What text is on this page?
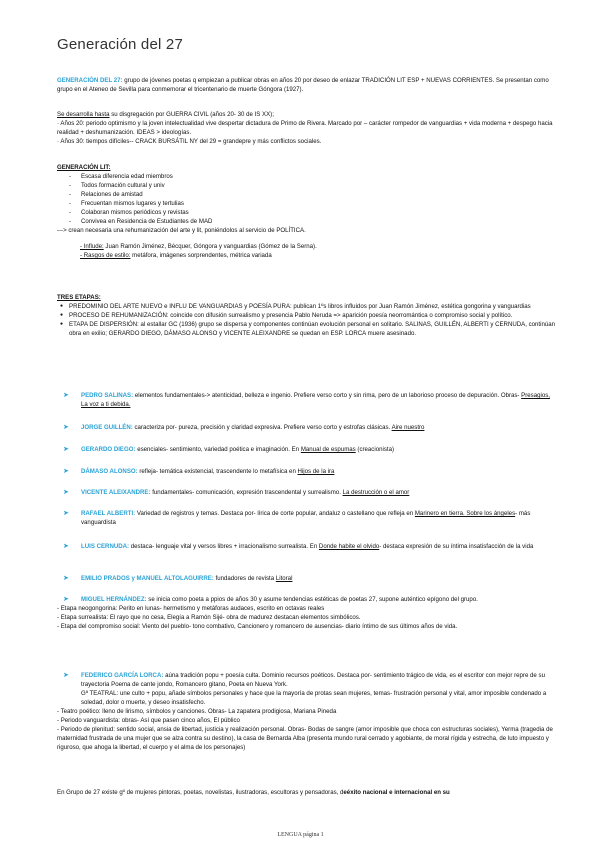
Generación del 27
GENERACIÓN DEL 27: grupo de jóvenes poetas q empiezan a publicar obras en años 20 por deseo de enlazar TRADICIÓN LIT ESP + NUEVAS CORRIENTES. Se presentan como grupo en el Ateneo de Sevilla para conmemorar el tricentenario de muerte Góngora (1927).
Se desarrolla hasta su disgregación por GUERRA CIVIL (años 20- 30 de IS XX);
· Años 20: periodo optimismo y la joven intelectualidad vive despertar dictadura de Primo de Rivera. Marcado por – carácter rompedor de vanguardias + vida moderna + despego hacia realidad + deshumanización. IDEAS > ideologías.
· Años 30: tiempos difíciles-- CRACK BURSÁTIL NY del 29 = grandepre y más conflictos sociales.
GENERACIÓN LIT:
- Escasa diferencia edad miembros
- Todos formación cultural y univ
- Relaciones de amistad
- Frecuentan mismos lugares y tertulias
- Colaboran mismos periódicos y revistas
- Convivea en Residencia de Estudiantes de MAD
---> crean necesaria una rehumanización del arte y lit, poniéndolos al servicio de POLÍTICA.
- Influde: Juan Ramón Jiménez, Bécquer, Góngora y vanguardias (Gómez de la Serna).
- Rasgos de estilo: metáfora, imágenes sorprendentes, métrica variada
TRES ETAPAS:
● PREDOMINIO DEL ARTE NUEVO e INFLU DE VANGUARDIAS y POESÍA PURA: publican 1ºs libros influidos por Juan Ramón Jiménez, estética gongorina y vanguardias
● PROCESO DE REHUMANIZACIÓN: coincide con difusión surrealismo y presencia Pablo Neruda => aparición poesía neorromántica o compromiso social y político.
● ETAPA DE DISPERSIÓN: al estallar GC (1936) grupo se dispersa y componentes continúan evolución personal en solitario. SALINAS, GUILLÉN, ALBERTI y CERNUDA, continúan obra en exilio; GERARDO DIEGO, DÁMASO ALONSO y VICENTE ALEIXANDRE se quedan en ESP. LORCA muere asesinado.
➤ PEDRO SALINAS: elementos fundamentales-> atenticidad, belleza e ingenio. Prefiere verso corto y sin rima, pero de un laborioso proceso de depuración. Obras- Presagios, La voz a ti debida.
➤ JORGE GUILLÉN: caracteriza por- pureza, precisión y claridad expresiva. Prefiere verso corto y estrofas clásicas. Aire nuestro
➤ GERARDO DIEGO: esenciales- sentimiento, variedad poética e imaginación. En Manual de espumas (creacionista)
➤ DÁMASO ALONSO: refleja- temática existencial, trascendente lo metafísica en Hijos de la ira
➤ VICENTE ALEIXANDRE: fundamentales- comunicación, expresión trascendental y surrealismo. La destrucción o el amor
➤ RAFAEL ALBERTI: Variedad de registros y temas. Destaca por- lírica de corte popular, andaluz o castellano que refleja en Marinero en tierra. Sobre los ángeles- más vanguardista
➤ LUIS CERNUDA: destaca- lenguaje vital y versos libres + irracionalismo surrealista. En Donde habite el olvido- destaca expresión de su íntima insatisfacción de la vida
➤ EMILIO PRADOS y MANUEL ALTOLAGUIRRE: fundadores de revista Litoral
➤ MIGUEL HERNÁNDEZ: se inicia como poeta a ppios de años 30 y asume tendencias estéticas de poetas 27, supone auténtico epígono del grupo.
- Etapa neogongorina: Perito en lunas- hermetismo y metáforas audaces, escrito en octavas reales
- Etapa surrealista: El rayo que no cesa, Elegía a Ramón Sijé- obra de madurez destacan elementos simbólicos.
- Etapa del compromiso social: Viento del pueblo- tono combativo, Cancionero y romancero de ausencias- diario íntimo de sus últimos años de vida.
➤ FEDERICO GARCÍA LORCA: aúna tradición popu + poesía culta. Dominio recursos poéticos. Destaca por- sentimiento trágico de vida, es el escritor con mejor repre de su trayectoria Poema de cante jondo, Romancero gitano, Poeta en Nueva York.
Gª TEATRAL: une culto + popu, añade símbolos personales y hace que la mayoría de protas sean mujeres, temas- frustración personal y vital, amor imposible condenado a soledad, dolor o muerte, y deseo insatisfecho.
- Teatro poético: lleno de lirismo, símbolos y canciones. Obras- La zapatera prodigiosa, Mariana Pineda
- Periodo vanguardista: obras- Así que pasen cinco años, El público
- Periodo de plenitud: sentido social, ansia de libertad, justicia y realización personal. Obras- Bodas de sangre (amor imposible que choca con estructuras sociales), Yerma (tragedia de maternidad frustrada de una mujer que se alza contra su destino), la casa de Bernarda Alba (presenta mundo rural cerrado y agobiante, de moral rígida y estrecha, de luto impuesto y riguroso, que ahoga la libertad, el cuerpo y el alma de los personajes)
En Grupo de 27 existe gº de mujeres pintoras, poetas, novelistas, ilustradoras, escultoras y pensadoras, deéxito nacional e internacional en su
LENGUA página 1
